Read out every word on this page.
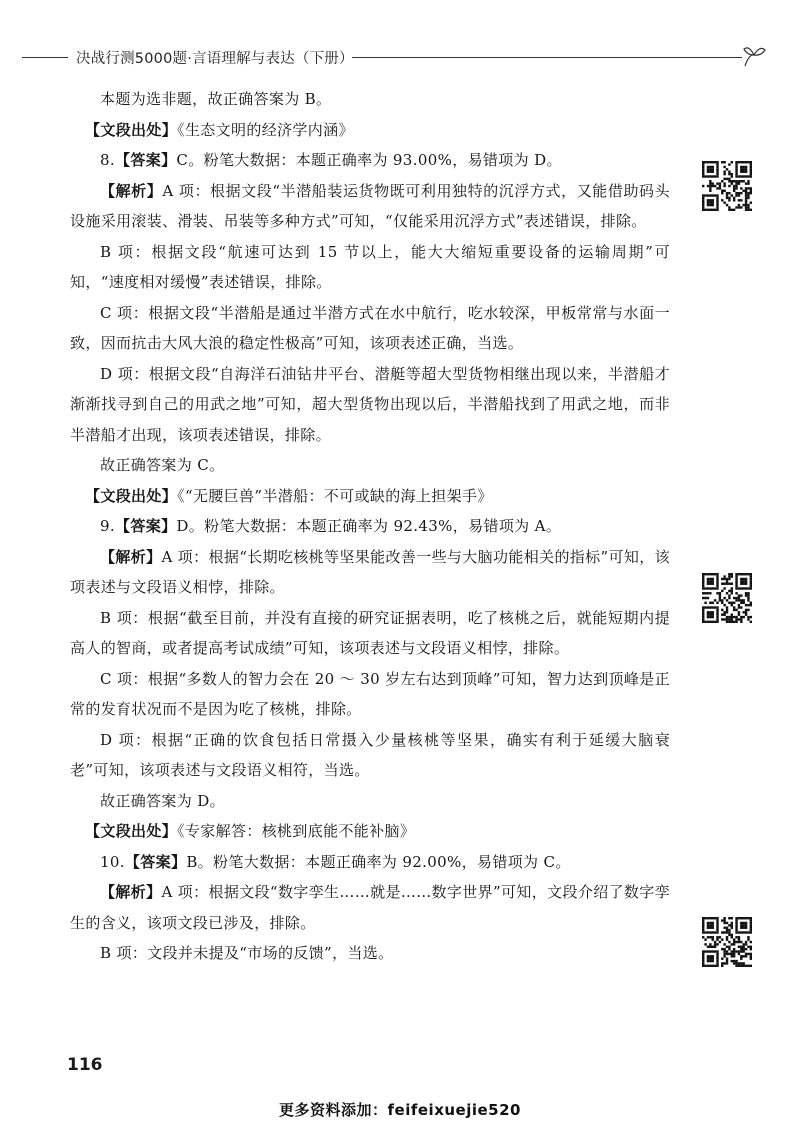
决战行测5000题·言语理解与表达（下册）

本题为选非题，故正确答案为 B。

【文段出处】《生态文明的经济学内涵》

8.【答案】C。粉笔大数据：本题正确率为 93.00%，易错项为 D。

【解析】A 项：根据文段“半潜船装运货物既可利用独特的沉浮方式，又能借助码头设施采用滚装、滑装、吊装等多种方式”可知，“仅能采用沉浮方式”表述错误，排除。

B 项：根据文段“航速可达到 15 节以上，能大大缩短重要设备的运输周期”可知，“速度相对缓慢”表述错误，排除。

C 项：根据文段“半潜船是通过半潜方式在水中航行，吃水较深，甲板常常与水面一致，因而抗击大风大浪的稳定性极高”可知，该项表述正确，当选。

D 项：根据文段“自海洋石油钻井平台、潜艇等超大型货物相继出现以来，半潜船才渐渐找寻到自己的用武之地”可知，超大型货物出现以后，半潜船找到了用武之地，而非半潜船才出现，该项表述错误，排除。

故正确答案为 C。

【文段出处】《“无腰巨兽”半潜船：不可或缺的海上担架手》

9.【答案】D。粉笔大数据：本题正确率为 92.43%，易错项为 A。

【解析】A 项：根据“长期吃核桃等坚果能改善一些与大脑功能相关的指标”可知，该项表述与文段语义相悖，排除。

B 项：根据“截至目前，并没有直接的研究证据表明，吃了核桃之后，就能短期内提高人的智商，或者提高考试成绩”可知，该项表述与文段语义相悖，排除。

C 项：根据“多数人的智力会在 20 ～ 30 岁左右达到顶峰”可知，智力达到顶峰是正常的发育状况而不是因为吃了核桃，排除。

D 项：根据“正确的饮食包括日常摄入少量核桃等坚果，确实有利于延缓大脑衰老”可知，该项表述与文段语义相符，当选。

故正确答案为 D。

【文段出处】《专家解答：核桃到底能不能补脑》

10.【答案】B。粉笔大数据：本题正确率为 92.00%，易错项为 C。

【解析】A 项：根据文段“数字孪生……就是……数字世界”可知，文段介绍了数字孪生的含义，该项文段已涉及，排除。

B 项：文段并未提及“市场的反馈”，当选。

116
更多资料添加：feifeixuejie520
